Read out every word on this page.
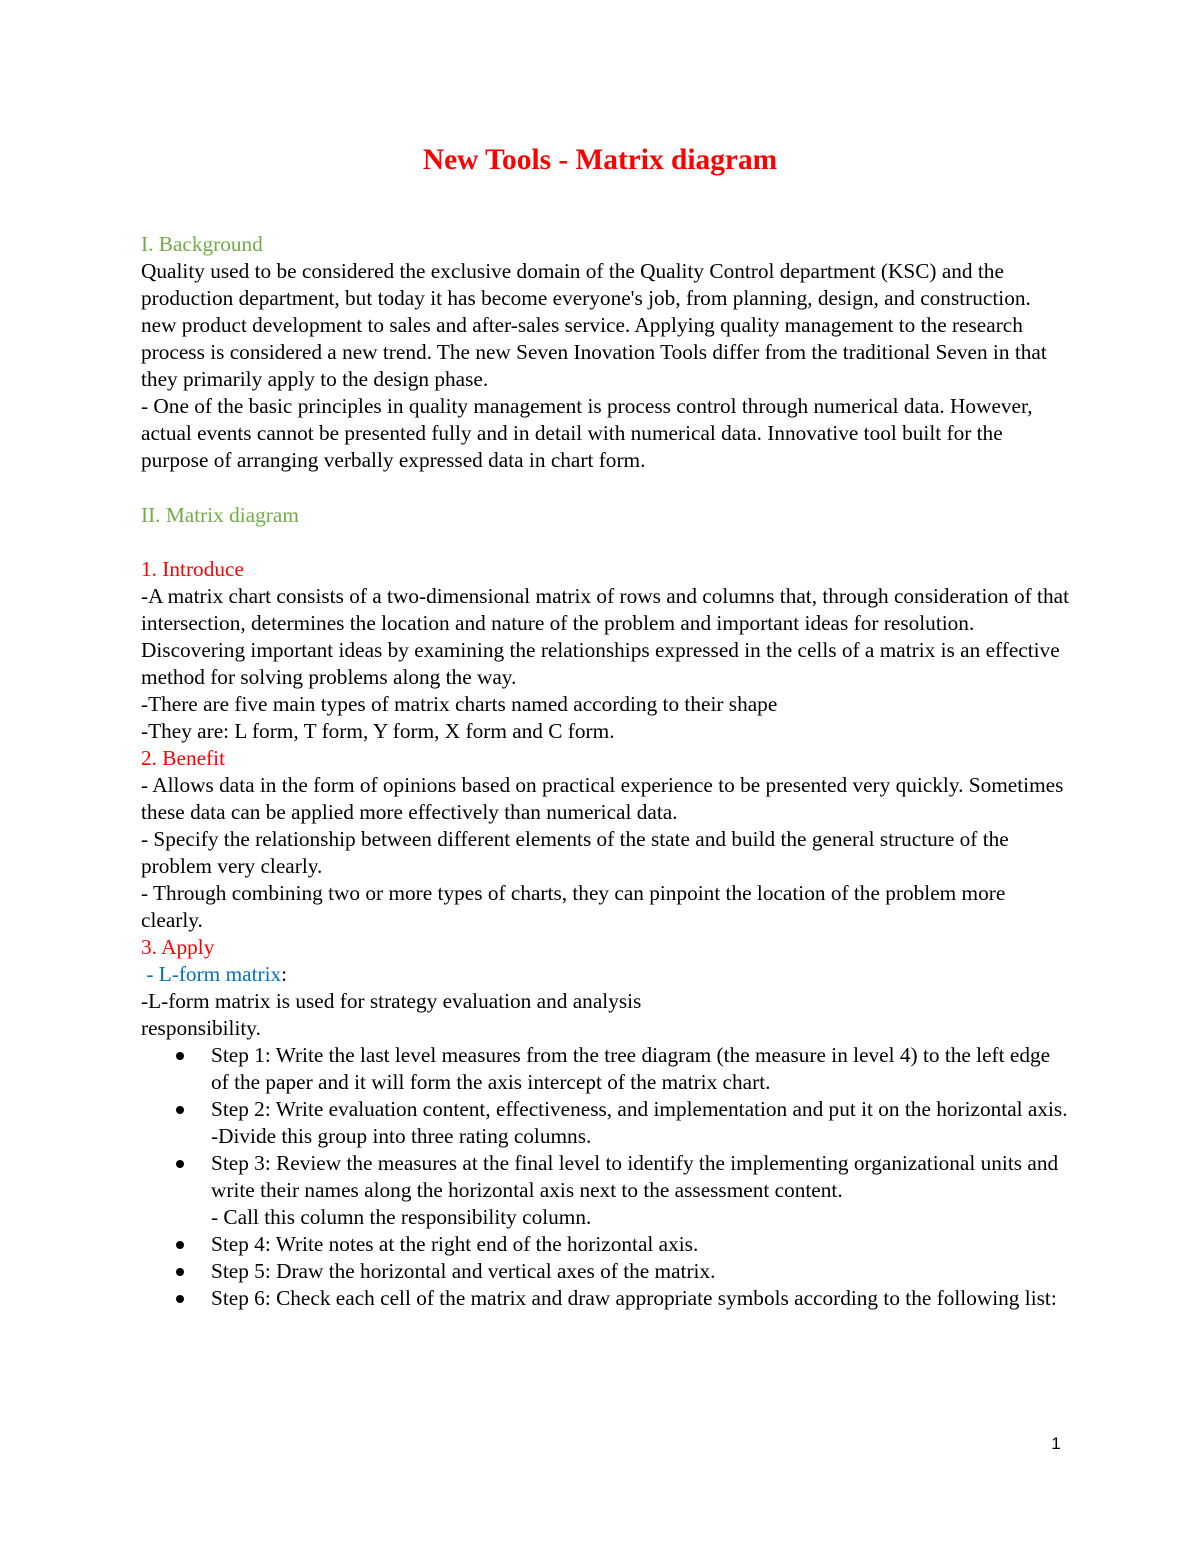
New Tools - Matrix diagram

I. Background

Quality used to be considered the exclusive domain of the Quality Control department (KSC) and the production department, but today it has become everyone's job, from planning, design, and construction. new product development to sales and after-sales service. Applying quality management to the research process is considered a new trend. The new Seven Inovation Tools differ from the traditional Seven in that they primarily apply to the design phase.

- One of the basic principles in quality management is process control through numerical data. However, actual events cannot be presented fully and in detail with numerical data. Innovative tool built for the purpose of arranging verbally expressed data in chart form.

II. Matrix diagram

1. Introduce

-A matrix chart consists of a two-dimensional matrix of rows and columns that, through consideration of that intersection, determines the location and nature of the problem and important ideas for resolution. Discovering important ideas by examining the relationships expressed in the cells of a matrix is an effective method for solving problems along the way.

-There are five main types of matrix charts named according to their shape

-They are: L form, T form, Y form, X form and C form.

2. Benefit

- Allows data in the form of opinions based on practical experience to be presented very quickly. Sometimes these data can be applied more effectively than numerical data.

- Specify the relationship between different elements of the state and build the general structure of the problem very clearly.

- Through combining two or more types of charts, they can pinpoint the location of the problem more clearly.

3. Apply

- L-form matrix:

-L-form matrix is used for strategy evaluation and analysis

responsibility.

Step 1: Write the last level measures from the tree diagram (the measure in level 4) to the left edge of the paper and it will form the axis intercept of the matrix chart.
Step 2: Write evaluation content, effectiveness, and implementation and put it on the horizontal axis.
-Divide this group into three rating columns.
Step 3: Review the measures at the final level to identify the implementing organizational units and write their names along the horizontal axis next to the assessment content.
- Call this column the responsibility column.
Step 4: Write notes at the right end of the horizontal axis.
Step 5: Draw the horizontal and vertical axes of the matrix.
Step 6: Check each cell of the matrix and draw appropriate symbols according to the following list:
1
